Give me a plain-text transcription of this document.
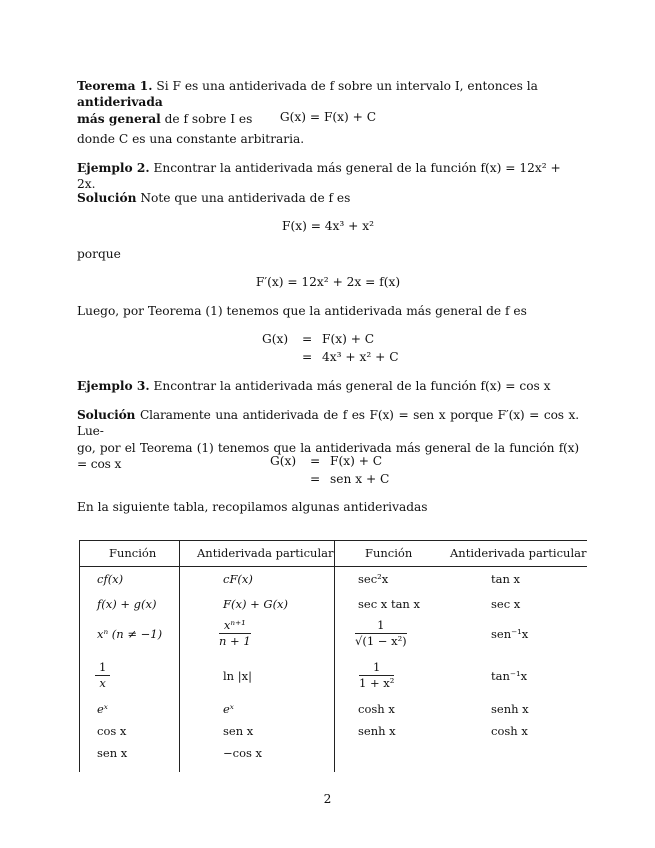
Teorema 1. Si F es una antiderivada de f sobre un intervalo I, entonces la antiderivada
más general de f sobre I es	G(x) = F(x) + C

donde C es una constante arbitraria.

Ejemplo 2. Encontrar la antiderivada más general de la función f(x) = 12x² + 2x.

Solución Note que una antiderivada de f es

F(x) = 4x³ + x²

porque

F′(x) = 12x² + 2x = f(x)

Luego, por Teorema (1) tenemos que la antiderivada más general de f es

G(x) = F(x) + C
= 4x³ + x² + C

Ejemplo 3. Encontrar la antiderivada más general de la función f(x) = cos x

Solución Claramente una antiderivada de f es F(x) = sen x porque F′(x) = cos x. Lue-
go, por el Teorema (1) tenemos que la antiderivada más general de la función f(x) = cos x	G(x) = F(x) + C
= sen x + C

En la siguiente tabla, recopilamos algunas antiderivadas

Función	Antiderivada particular	Función	Antiderivada particular
cf(x)	cF(x)	sec²x	tan x
f(x) + g(x)	F(x) + G(x)	sec x tan x	sec x
xⁿ (n ≠ −1)	$\frac{\text{xⁿ⁺¹}}{n + 1}$	$\frac{1}{\text{√(1 − x²)}}$	sen⁻¹x
$\frac{1}{x}$	ln |x|	$\frac{1}{\text{1 + x²}}$	tan⁻¹x
eˣ	eˣ	cosh x	senh x
cos x	sen x	senh x	cosh x
sen x	−cos x
2
